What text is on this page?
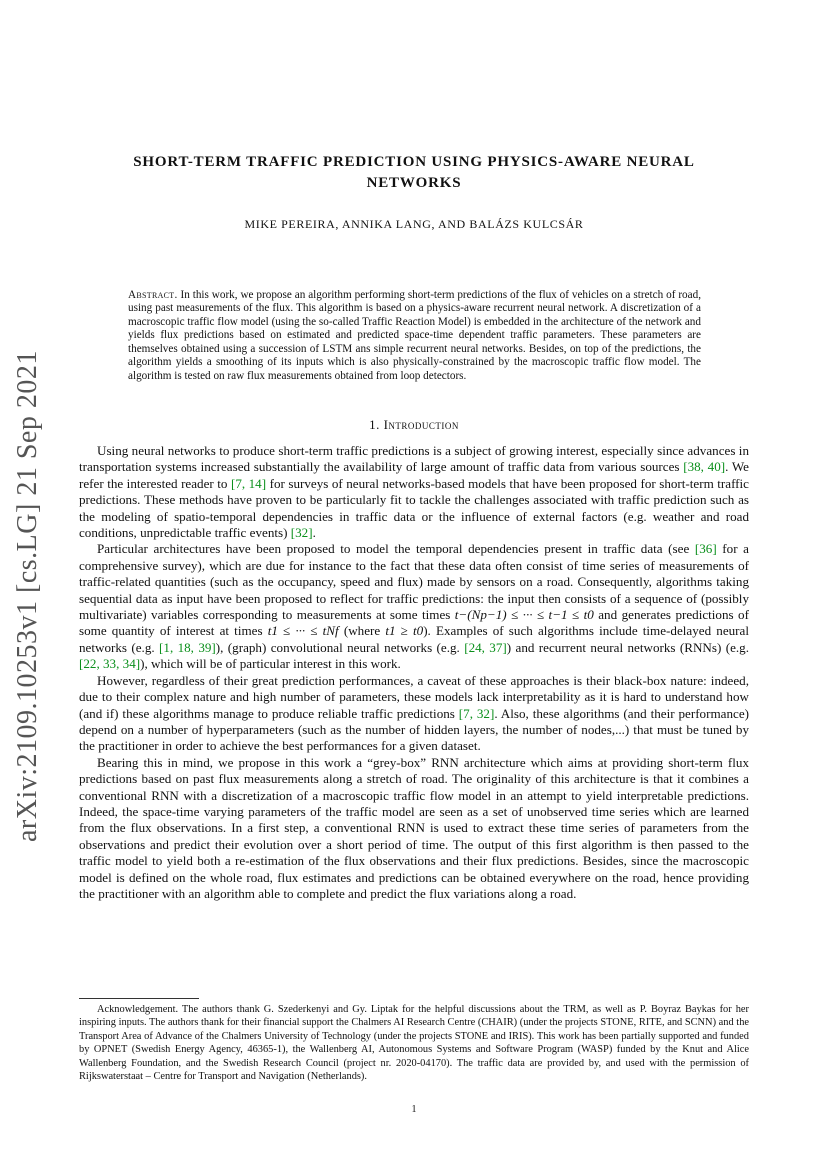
arXiv:2109.10253v1 [cs.LG] 21 Sep 2021
SHORT-TERM TRAFFIC PREDICTION USING PHYSICS-AWARE NEURAL
NETWORKS
MIKE PEREIRA, ANNIKA LANG, AND BALÁZS KULCSÁR
Abstract. In this work, we propose an algorithm performing short-term predictions of the flux of vehicles on a stretch of road, using past measurements of the flux. This algorithm is based on a physics-aware recurrent neural network. A discretization of a macroscopic traffic flow model (using the so-called Traffic Reaction Model) is embedded in the architecture of the network and yields flux predictions based on estimated and predicted space-time dependent traffic parameters. These parameters are themselves obtained using a succession of LSTM ans simple recurrent neural networks. Besides, on top of the predictions, the algorithm yields a smoothing of its inputs which is also physically-constrained by the macroscopic traffic flow model. The algorithm is tested on raw flux measurements obtained from loop detectors.
1. Introduction

Using neural networks to produce short-term traffic predictions is a subject of growing interest, especially since advances in transportation systems increased substantially the availability of large amount of traffic data from various sources [38, 40]. We refer the interested reader to [7, 14] for surveys of neural networks-based models that have been proposed for short-term traffic predictions. These methods have proven to be particularly fit to tackle the challenges associated with traffic prediction such as the modeling of spatio-temporal dependencies in traffic data or the influence of external factors (e.g. weather and road conditions, unpredictable traffic events) [32].

Particular architectures have been proposed to model the temporal dependencies present in traffic data (see [36] for a comprehensive survey), which are due for instance to the fact that these data often consist of time series of measurements of traffic-related quantities (such as the occupancy, speed and flux) made by sensors on a road. Consequently, algorithms taking sequential data as input have been proposed to reflect for traffic predictions: the input then consists of a sequence of (possibly multivariate) variables corresponding to measurements at some times t−(Np−1) ≤ ··· ≤ t−1 ≤ t0 and generates predictions of some quantity of interest at times t1 ≤ ··· ≤ tNf (where t1 ≥ t0). Examples of such algorithms include time-delayed neural networks (e.g. [1, 18, 39]), (graph) convolutional neural networks (e.g. [24, 37]) and recurrent neural networks (RNNs) (e.g. [22, 33, 34]), which will be of particular interest in this work.

However, regardless of their great prediction performances, a caveat of these approaches is their black-box nature: indeed, due to their complex nature and high number of parameters, these models lack interpretability as it is hard to understand how (and if) these algorithms manage to produce reliable traffic predictions [7, 32]. Also, these algorithms (and their performance) depend on a number of hyperparameters (such as the number of hidden layers, the number of nodes,...) that must be tuned by the practitioner in order to achieve the best performances for a given dataset.

Bearing this in mind, we propose in this work a “grey-box” RNN architecture which aims at providing short-term flux predictions based on past flux measurements along a stretch of road. The originality of this architecture is that it combines a conventional RNN with a discretization of a macroscopic traffic flow model in an attempt to yield interpretable predictions. Indeed, the space-time varying parameters of the traffic model are seen as a set of unobserved time series which are learned from the flux observations. In a first step, a conventional RNN is used to extract these time series of parameters from the observations and predict their evolution over a short period of time. The output of this first algorithm is then passed to the traffic model to yield both a re-estimation of the flux observations and their flux predictions. Besides, since the macroscopic model is defined on the whole road, flux estimates and predictions can be obtained everywhere on the road, hence providing the practitioner with an algorithm able to complete and predict the flux variations along a road.

Acknowledgement. The authors thank G. Szederkenyi and Gy. Liptak for the helpful discussions about the TRM, as well as P. Boyraz Baykas for her inspiring inputs. The authors thank for their financial support the Chalmers AI Research Centre (CHAIR) (under the projects STONE, RITE, and SCNN) and the Transport Area of Advance of the Chalmers University of Technology (under the projects STONE and IRIS). This work has been partially supported and funded by OPNET (Swedish Energy Agency, 46365-1), the Wallenberg AI, Autonomous Systems and Software Program (WASP) funded by the Knut and Alice Wallenberg Foundation, and the Swedish Research Council (project nr. 2020-04170). The traffic data are provided by, and used with the permission of Rijkswaterstaat – Centre for Transport and Navigation (Netherlands).
1
